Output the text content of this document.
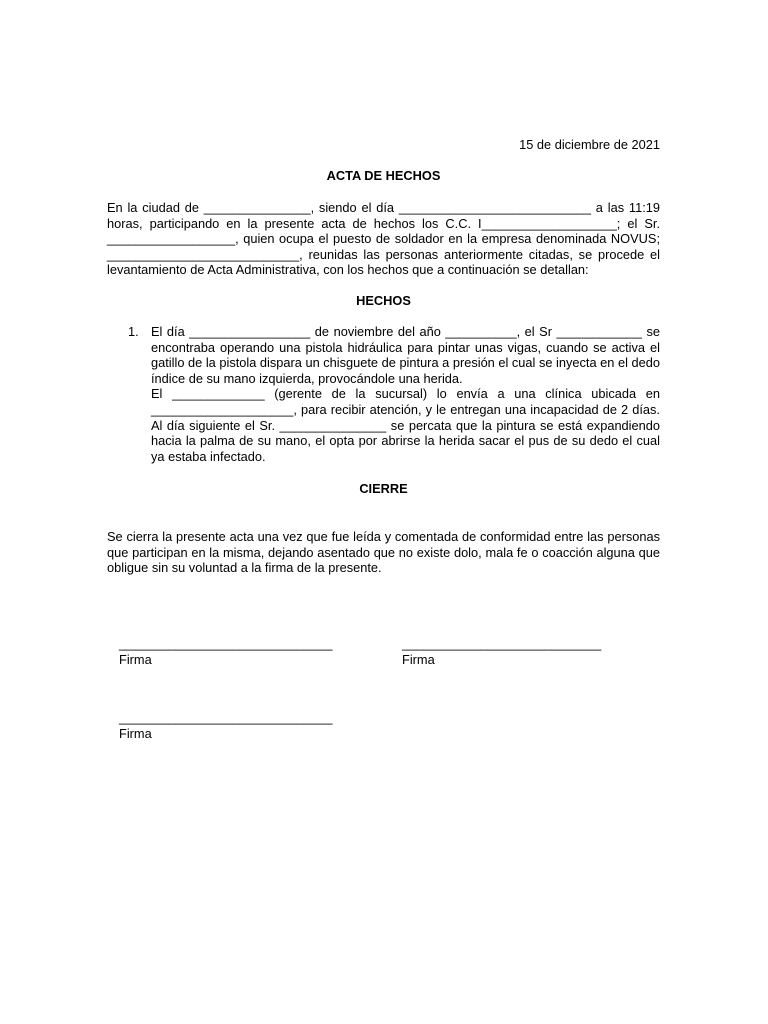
15 de diciembre de 2021
ACTA DE HECHOS
En la ciudad de _______________, siendo el día ___________________________ a las 11:19 horas, participando en la presente acta de hechos los C.C. I___________________; el Sr. __________________, quien ocupa el puesto de soldador en la empresa denominada NOVUS; ___________________________, reunidas las personas anteriormente citadas, se procede el levantamiento de Acta Administrativa, con los hechos que a continuación se detallan:
HECHOS
1. El día _________________ de noviembre del año __________, el Sr ____________ se encontraba operando una pistola hidráulica para pintar unas vigas, cuando se activa el gatillo de la pistola dispara un chisguete de pintura a presión el cual se inyecta en el dedo índice de su mano izquierda, provocándole una herida.

El _____________ (gerente de la sucursal) lo envía a una clínica ubicada en ____________________, para recibir atención, y le entregan una incapacidad de 2 días. Al día siguiente el Sr. _______________ se percata que la pintura se está expandiendo hacia la palma de su mano, el opta por abrirse la herida sacar el pus de su dedo el cual ya estaba infectado.

CIERRE
Se cierra la presente acta una vez que fue leída y comentada de conformidad entre las personas que participan en la misma, dejando asentado que no existe dolo, mala fe o coacción alguna que obligue sin su voluntad a la firma de la presente.
______________________________
Firma
____________________________
Firma
______________________________
Firma
